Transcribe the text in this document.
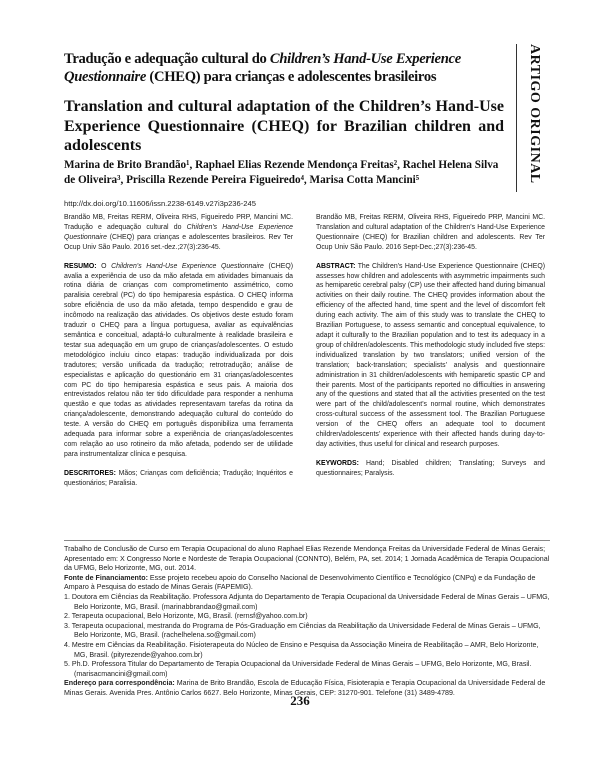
ARTIGO ORIGINAL
Tradução e adequação cultural do Children’s Hand-Use Experience Questionnaire (CHEQ) para crianças e adolescentes brasileiros
Translation and cultural adaptation of the Children’s Hand-Use Experience Questionnaire (CHEQ) for Brazilian children and adolescents
Marina de Brito Brandão¹, Raphael Elias Rezende Mendonça Freitas², Rachel Helena Silva de Oliveira³, Priscilla Rezende Pereira Figueiredo⁴, Marisa Cotta Mancini⁵
http://dx.doi.org/10.11606/issn.2238-6149.v27i3p236-245

Brandão MB, Freitas RERM, Oliveira RHS, Figueiredo PRP, Mancini MC. Tradução e adequação cultural do Children’s Hand-Use Experience Questionnaire (CHEQ) para crianças e adolescentes brasileiros. Rev Ter Ocup Univ São Paulo. 2016 set.-dez.;27(3):236-45.

RESUMO: O Children’s Hand-Use Experience Questionnaire (CHEQ) avalia a experiência de uso da mão afetada em atividades bimanuais da rotina diária de crianças com comprometimento assimétrico, como paralisia cerebral (PC) do tipo hemiparesia espástica. O CHEQ informa sobre eficiência de uso da mão afetada, tempo despendido e grau de incômodo na realização das atividades. Os objetivos deste estudo foram traduzir o CHEQ para a língua portuguesa, avaliar as equivalências semântica e conceitual, adaptá-lo culturalmente à realidade brasileira e testar sua adequação em um grupo de crianças/adolescentes. O estudo metodológico incluiu cinco etapas: tradução individualizada por dois tradutores; versão unificada da tradução; retrotradução; análise de especialistas e aplicação do questionário em 31 crianças/adolescentes com PC do tipo hemiparesia espástica e seus pais. A maioria dos entrevistados relatou não ter tido dificuldade para responder a nenhuma questão e que todas as atividades representavam tarefas da rotina da criança/adolescente, demonstrando adequação cultural do conteúdo do teste. A versão do CHEQ em português disponibiliza uma ferramenta adequada para informar sobre a experiência de crianças/adolescentes com relação ao uso rotineiro da mão afetada, podendo ser de utilidade para instrumentalizar clínica e pesquisa.

DESCRITORES: Mãos; Crianças com deficiência; Tradução; Inquéritos e questionários; Paralisia.

Brandão MB, Freitas RERM, Oliveira RHS, Figueiredo PRP, Mancini MC. Translation and cultural adaptation of the Children’s Hand-Use Experience Questionnaire (CHEQ) for Brazilian children and adolescents. Rev Ter Ocup Univ São Paulo. 2016 Sept-Dec.;27(3):236-45.

ABSTRACT: The Children’s Hand-Use Experience Questionnaire (CHEQ) assesses how children and adolescents with asymmetric impairments such as hemiparetic cerebral palsy (CP) use their affected hand during bimanual activities on their daily routine. The CHEQ provides information about the efficiency of the affected hand, time spent and the level of discomfort felt during each activity. The aim of this study was to translate the CHEQ to Brazilian Portuguese, to assess semantic and conceptual equivalence, to adapt it culturally to the Brazilian population and to test its adequacy in a group of children/adolescents. This methodologic study included five steps: individualized translation by two translators; unified version of the translation; back-translation; specialists’ analysis and questionnaire administration in 31 children/adolescents with hemiparetic spastic CP and their parents. Most of the participants reported no difficulties in answering any of the questions and stated that all the activities presented on the test were part of the child/adolescent’s normal routine, which demonstrates cross-cultural success of the assessment tool. The Brazilian Portuguese version of the CHEQ offers an adequate tool to document children/adolescents’ experience with their affected hands during day-to-day activities, thus useful for clinical and research purposes.

KEYWORDS: Hand; Disabled children; Translating; Surveys and questionnaires; Paralysis.

Trabalho de Conclusão de Curso em Terapia Ocupacional do aluno Raphael Elias Rezende Mendonça Freitas da Universidade Federal de Minas Gerais; Apresentado em: X Congresso Norte e Nordeste de Terapia Ocupacional (CONNTO), Belém, PA, set. 2014; 1 Jornada Acadêmica de Terapia Ocupacional da UFMG, Belo Horizonte, MG, out. 2014.
Fonte de Financiamento: Esse projeto recebeu apoio do Conselho Nacional de Desenvolvimento Científico e Tecnológico (CNPq) e da Fundação de Amparo à Pesquisa do estado de Minas Gerais (FAPEMIG).
1. Doutora em Ciências da Reabilitação. Professora Adjunta do Departamento de Terapia Ocupacional da Universidade Federal de Minas Gerais – UFMG, Belo Horizonte, MG, Brasil. (marinabbrandao@gmail.com)
2. Terapeuta ocupacional, Belo Horizonte, MG, Brasil. (rernsf@yahoo.com.br)
3. Terapeuta ocupacional, mestranda do Programa de Pós-Graduação em Ciências da Reabilitação da Universidade Federal de Minas Gerais – UFMG, Belo Horizonte, MG, Brasil. (rachelhelena.so@gmail.com)
4. Mestre em Ciências da Reabilitação. Fisioterapeuta do Núcleo de Ensino e Pesquisa da Associação Mineira de Reabilitação – AMR, Belo Horizonte, MG, Brasil. (pityrezende@yahoo.com.br)
5. Ph.D. Professora Titular do Departamento de Terapia Ocupacional da Universidade Federal de Minas Gerais – UFMG, Belo Horizonte, MG, Brasil. (marisacmancini@gmail.com)
Endereço para correspondência: Marina de Brito Brandão, Escola de Educação Física, Fisioterapia e Terapia Ocupacional da Universidade Federal de Minas Gerais. Avenida Pres. Antônio Carlos 6627. Belo Horizonte, Minas Gerais, CEP: 31270-901. Telefone (31) 3489-4789.
236
